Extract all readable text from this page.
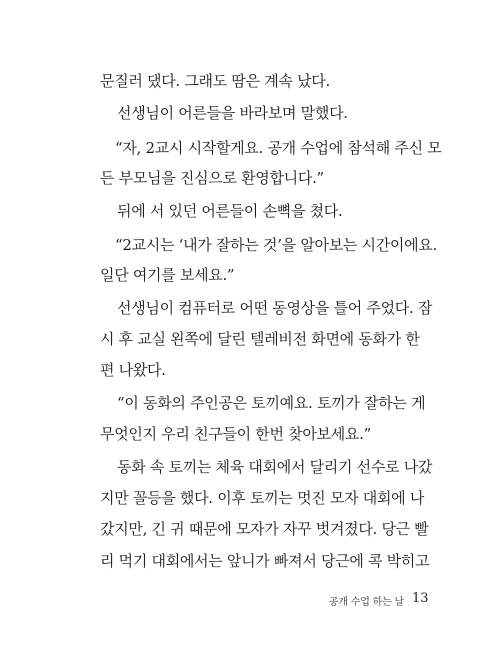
문질러 댔다. 그래도 땀은 계속 났다.
선생님이 어른들을 바라보며 말했다.
“자, 2교시 시작할게요. 공개 수업에 참석해 주신 모
든 부모님을 진심으로 환영합니다.”
뒤에 서 있던 어른들이 손뼉을 쳤다.
“2교시는 ‘내가 잘하는 것’을 알아보는 시간이에요.
일단 여기를 보세요.”
선생님이 컴퓨터로 어떤 동영상을 틀어 주었다. 잠
시 후 교실 왼쪽에 달린 텔레비전 화면에 동화가 한
편 나왔다.
“이 동화의 주인공은 토끼예요. 토끼가 잘하는 게
무엇인지 우리 친구들이 한번 찾아보세요.”
동화 속 토끼는 체육 대회에서 달리기 선수로 나갔
지만 꼴등을 했다. 이후 토끼는 멋진 모자 대회에 나
갔지만, 긴 귀 때문에 모자가 자꾸 벗겨졌다. 당근 빨
리 먹기 대회에서는 앞니가 빠져서 당근에 콕 박히고
공개 수업 하는 날 13
